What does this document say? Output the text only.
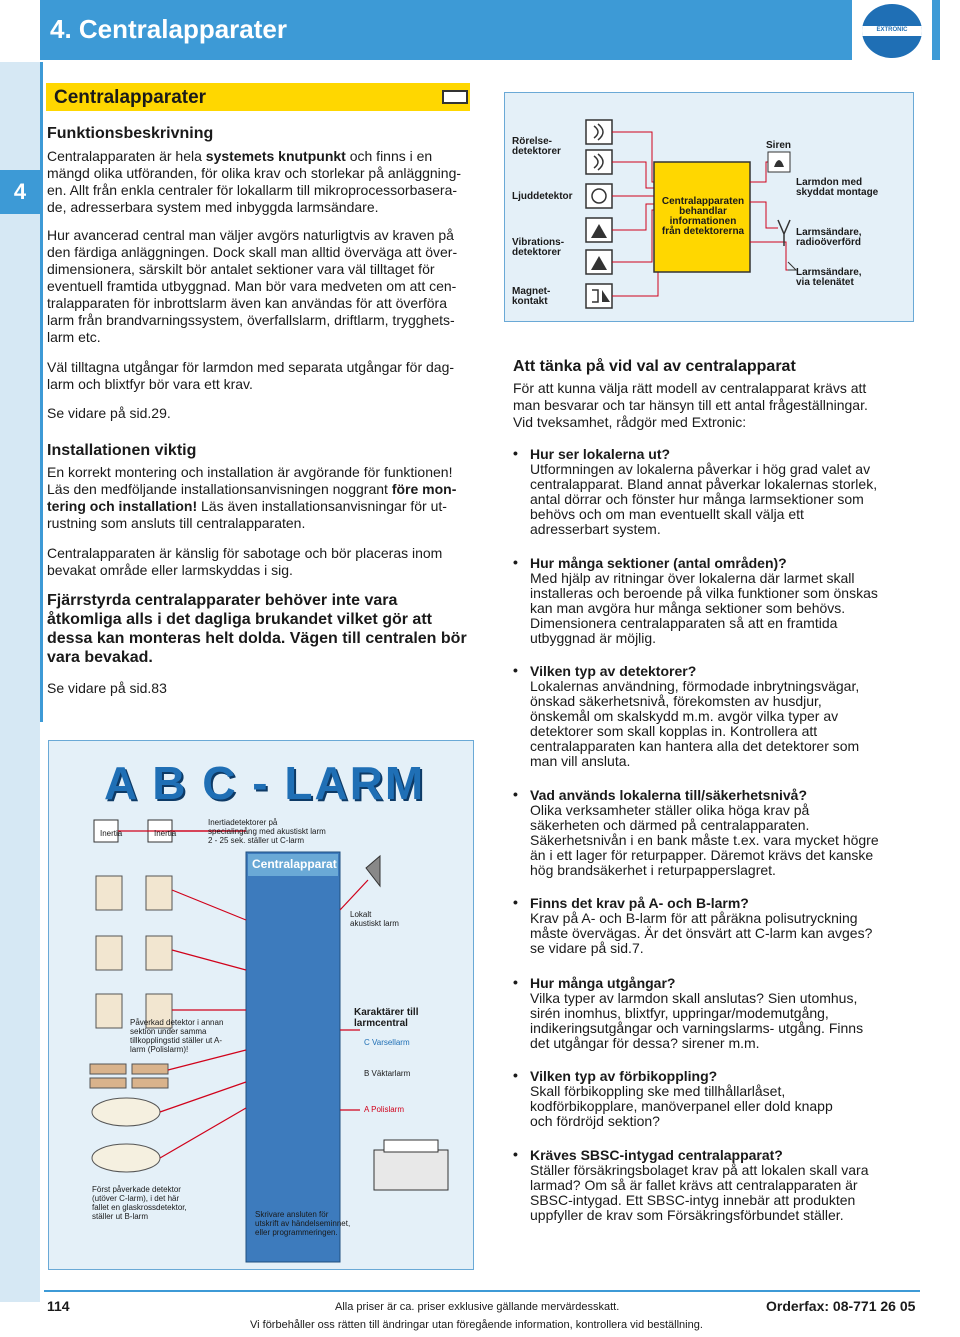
4. Centralapparater	EXTRONIC
4
Centralapparater
Funktionsbeskrivning
Centralapparaten är hela systemets knutpunkt och finns i en
mängd olika utföranden, för olika krav och storlekar på anläggning-
en. Allt från enkla centraler för lokallarm till mikroprocessorbasera-
de, adresserbara system med inbyggda larmsändare.
Hur avancerad central man väljer avgörs naturligtvis av kraven på
den färdiga anläggningen. Dock skall man alltid överväga att över-
dimensionera, särskilt bör antalet sektioner vara väl tilltaget för
eventuell framtida utbyggnad. Man bör vara medveten om att cen-
tralapparaten för inbrottslarm även kan användas för att överföra
larm från brandvarningssystem, överfallslarm, driftlarm, trygghets-
larm etc.
Väl tilltagna utgångar för larmdon med separata utgångar för dag-
larm och blixtfyr bör vara ett krav.
Se vidare på sid.29.
Installationen viktig
En korrekt montering och installation är avgörande för funktionen!
Läs den medföljande installationsanvisningen noggrant före mon-
tering och installation! Läs även installationsanvisningar för ut-
rustning som ansluts till centralapparaten.
Centralapparaten är känslig för sabotage och bör placeras inom
bevakat område eller larmskyddas i sig.
Fjärrstyrda centralapparater behöver inte vara
åtkomliga alls i det dagliga brukandet vilket gör att
dessa kan monteras helt dolda. Vägen till centralen bör
vara bevakad.
Se vidare på sid.83
Rörelse-
detektorer
Ljuddetektor
Vibrations-
detektorer
Magnet-
kontakt
Centralapparaten
behandlar
informationen
från detektorerna
Siren
Larmdon med
skyddat montage
Larmsändare,
radioöverförd
Larmsändare,
via telenätet
Att tänka på vid val av centralapparat
För att kunna välja rätt modell av centralapparat krävs att
man besvarar och tar hänsyn till ett antal frågeställningar.
Vid tveksamhet, rådgör med Extronic:
• Hur ser lokalerna ut?
Utformningen av lokalerna påverkar i hög grad valet av
centralapparat. Bland annat påverkar lokalernas storlek,
antal dörrar och fönster hur många larmsektioner som
behövs och om man eventuellt skall välja ett
adresserbart system.
• Hur många sektioner (antal områden)?
Med hjälp av ritningar över lokalerna där larmet skall
installeras och beroende på vilka funktioner som önskas
kan man avgöra hur många sektioner som behövs.
Dimensionera centralapparaten så att en framtida
utbyggnad är möjlig.
• Vilken typ av detektorer?
Lokalernas användning, förmodade inbrytningsvägar,
önskad säkerhetsnivå, förekomsten av husdjur,
önskemål om skalskydd m.m. avgör vilka typer av
detektorer som skall kopplas in. Kontrollera att
centralapparaten kan hantera alla det detektorer som
man vill ansluta.
• Vad används lokalerna till/säkerhetsnivå?
Olika verksamheter ställer olika höga krav på
säkerheten och därmed på centralapparaten.
Säkerhetsnivån i en bank måste t.ex. vara mycket högre
än i ett lager för returpapper. Däremot krävs det kanske
hög brandsäkerhet i returpapperslagret.
• Finns det krav på A- och B-larm?
Krav på A- och B-larm för att påräkna polisutryckning
måste övervägas. Är det önsvärt att C-larm kan avges?
se vidare på sid.7.
• Hur många utgångar?
Vilka typer av larmdon skall anslutas? Sien utomhus,
sirén inomhus, blixtfyr, uppringar/modemutgång,
indikeringsutgångar och varningslarms- utgång. Finns
det utgångar för dessa? sirener m.m.
• Vilken typ av förbikoppling?
Skall förbikoppling ske med tillhållarlåset,
kodförbikopplare, manöverpanel eller dold knapp
och fördröjd sektion?
• Kräves SBSC-intygad centralapparat?
Ställer försäkringsbolaget krav på att lokalen skall vara
larmad? Om så är fallet krävs att centralapparaten är
SBSC-intygad. Ett SBSC-intyg innebär att produkten
uppfyller de krav som Försäkringsförbundet ställer.
A B C - LARM
Inertia	Inertia
Inertiadetektorer på
specialingång med akustiskt larm
2 - 25 sek. ställer ut C-larm
Centralapparat
Lokalt
akustiskt larm
Påverkad detektor i annan
sektion under samma
tillkopplingstid ställer ut A-
larm (Polislarm)!
Karaktärer till
larmcentral
C Varsellarm
B Väktarlarm
A Polislarm
Först påverkade detektor
(utöver C-larm), i det här
fallet en glaskrossdetektor,
ställer ut B-larm	Skrivare ansluten för
utskrift av händelseminnet,
eller programmeringen.
114	Alla priser är ca. priser exklusive gällande mervärdesskatt.	Orderfax: 08-771 26 05
Vi förbehåller oss rätten till ändringar utan föregående information, kontrollera vid beställning.
